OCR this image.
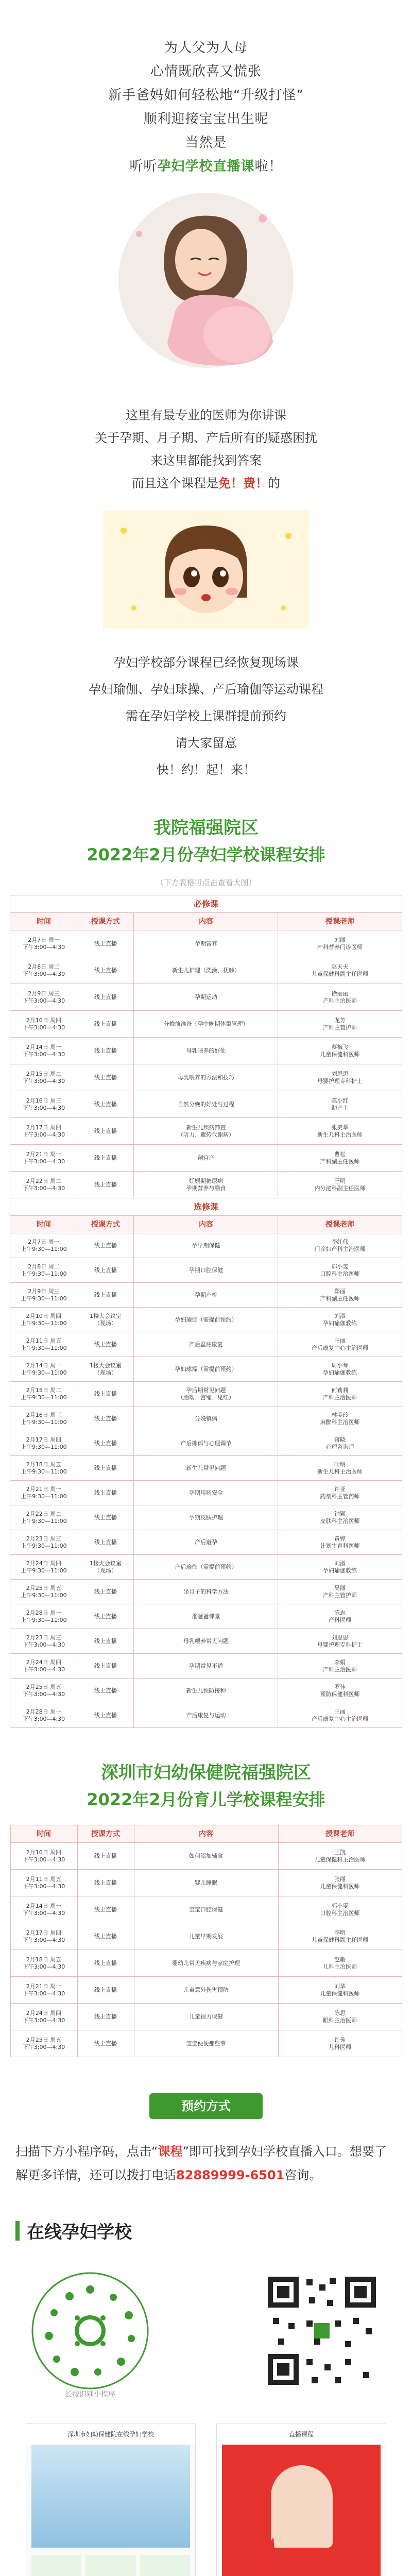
为人父为人母

心情既欣喜又慌张

新手爸妈如何轻松地“升级打怪”

顺利迎接宝宝出生呢

当然是

听听孕妇学校直播课啦！

这里有最专业的医师为你讲课

关于孕期、月子期、产后所有的疑惑困扰

来这里都能找到答案

而且这个课程是免！费！的

孕妇学校部分课程已经恢复现场课

孕妇瑜伽、孕妇球操、产后瑜伽等运动课程

需在孕妇学校上课群提前预约

请大家留意

快！约！起！来！

我院福强院区
2022年2月份孕妇学校课程安排
（下方表格可点击查看大图）
必修课			
时间	授课方式	内容	授课老师
2月7日 周一
下午3:00—4:30	线上直播	孕期营养	刘丽
产科营养门诊医师
2月8日 周二
下午3:00—4:30	线上直播	新生儿护理（洗澡、抚触）	赵天天
儿童保健科副主任医师
2月9日 周三
下午3:00—4:30	线上直播	孕期运动	徐丽丽
产科主治医师
2月10日 周四
下午3:00—4:30	线上直播	分娩前准备（孕中晚期体重管理）	龙芳
产科主管护师
2月14日 周一
下午3:00—4:30	线上直播	母乳喂养的好处	蔡梅飞
儿童保健科医师
2月15日 周二
下午3:00—4:30	线上直播	母乳喂养的方法和技巧	刘思思
母婴护理专科护士
2月16日 周三
下午3:00—4:30	线上直播	自然分娩的好处与过程	陈小红
助产士
2月17日 周四
下午3:00—4:30	线上直播	新生儿疾病筛查
（听力、遗传代谢病）	张美华
新生儿科主治医师
2月21日 周一
下午3:00—4:30	线上直播	剖宫产	曹松
产科副主任医师
2月22日 周二
下午3:00—4:30	线上直播	妊娠期糖尿病
孕期营养与膳食	王明
内分泌科副主任医师
选修课			
时间	授课方式	内容	授课老师
2月7日 周一
上午9:30—11:00	线上直播	孕早期保健	李红伟
门诊妇产科主治医师
2月8日 周二
上午9:30—11:00	线上直播	孕期口腔保健	郭小雯
口腔科主治医师
2月9日 周三
上午9:30—11:00	线上直播	孕期产检	郑丽
产科副主任医师
2月10日 周四
上午9:30—11:00	1楼大会议室
（现场）	孕妇瑜伽（需提前预约）	刘淑
孕妇瑜伽教练
2月11日 周五
上午9:30—11:00	线上直播	产后盆底康复	王丽
产后康复中心主治医师
2月14日 周一
上午9:30—11:00	1楼大会议室
（现场）	孕妇球操（需提前预约）	周小琴
孕妇瑜伽教练
2月15日 周二
上午9:30—11:00	线上直播	孕后期常见问题
（胎动、宫缩、见红）	何莉莉
产科主治医师
2月16日 周三
上午9:30—11:00	线上直播	分娩镇痛	林美玲
麻醉科主治医师
2月17日 周四
上午9:30—11:00	线上直播	产后抑郁与心理调节	蒋晓
心理咨询师
2月18日 周五
上午9:30—11:00	线上直播	新生儿常见问题	叶明
新生儿科主治医师
2月21日 周一
上午9:30—11:00	线上直播	孕期用药安全	许亚
药剂科主管药师
2月22日 周二
上午9:30—11:00	线上直播	孕期皮肤护理	钟颖
皮肤科主治医师
2月23日 周三
上午9:30—11:00	线上直播	产后避孕	黄婷
计划生育科医师
2月24日 周四
上午9:30—11:00	1楼大会议室
（现场）	产后瑜伽（需提前预约）	刘淑
孕妇瑜伽教练
2月25日 周五
上午9:30—11:00	线上直播	坐月子的科学方法	吴丽
产科主管护师
2月28日 周一
上午9:30—11:00	线上直播	准爸爸课堂	陈志
产科医师
2月23日 周三
下午3:00—4:30	线上直播	母乳喂养常见问题	刘思思
母婴护理专科护士
2月24日 周四
下午3:00—4:30	线上直播	孕期常见不适	李娟
产科主治医师
2月25日 周五
下午3:00—4:30	线上直播	新生儿预防接种	罗佳
预防保健科医师
2月28日 周一
下午3:00—4:30	线上直播	产后康复与运动	王丽
产后康复中心主治医师
深圳市妇幼保健院福强院区
2022年2月份育儿学校课程安排
时间	授课方式	内容	授课老师
2月10日 周四
下午3:00—4:30	线上直播	如何添加辅食	王凯
儿童保健科主治医师
2月11日 周五
下午3:00—4:30	线上直播	婴儿睡眠	张丽
儿童保健科医师
2月14日 周一
下午3:00—4:30	线上直播	宝宝口腔保健	郭小雯
口腔科主治医师
2月17日 周四
下午3:00—4:30	线上直播	儿童早期发展	李明
儿童保健科副主任医师
2月18日 周五
下午3:00—4:30	线上直播	婴幼儿常见疾病与家庭护理	赵敏
儿科主治医师
2月21日 周一
下午3:00—4:30	线上直播	儿童意外伤害预防	刘华
儿童保健科医师
2月24日 周四
下午3:00—4:30	线上直播	儿童视力保健	陈思
眼科主治医师
2月25日 周五
下午3:00—4:30	线上直播	宝宝便便那些事	许芳
儿科医师
预约方式

扫描下方小程序码，点击“课程”即可找到孕妇学校直播入口。想要了解更多详情，还可以拨打电话82889999-6501咨询。

在线孕妇学校
长按识别小程序
深圳市妇幼保健院在线孕妇学校	直播课程
